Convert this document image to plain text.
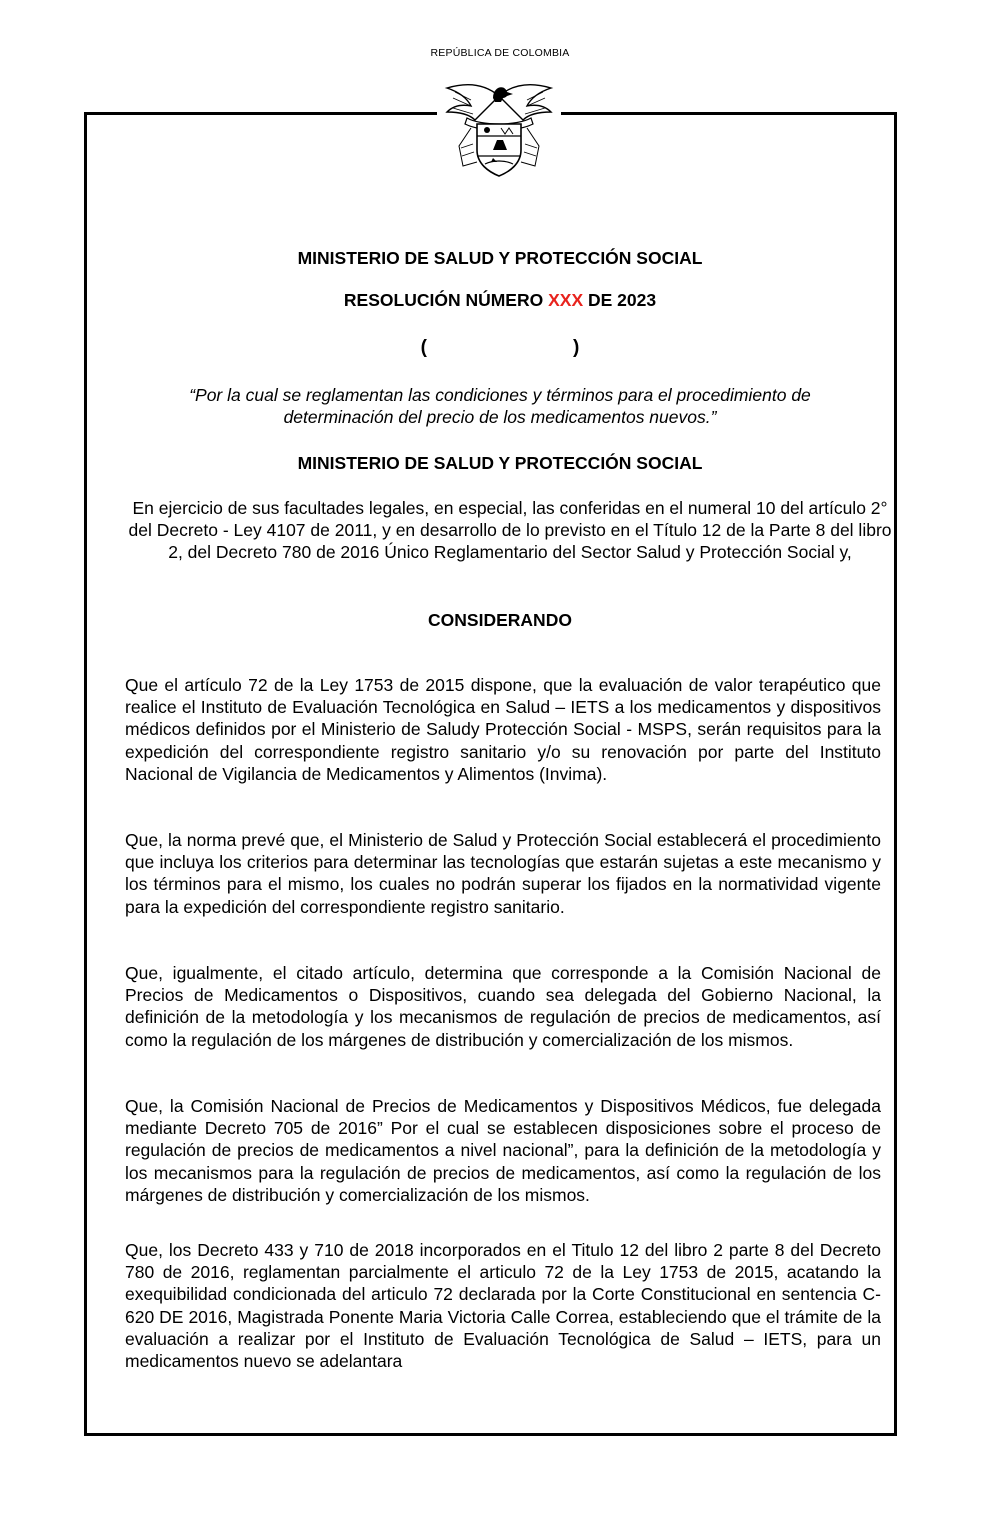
REPÚBLICA DE COLOMBIA
MINISTERIO DE SALUD Y PROTECCIÓN SOCIAL
RESOLUCIÓN NÚMERO XXX DE 2023
(	)
“Por la cual se reglamentan las condiciones y términos para el procedimiento de determinación del precio de los medicamentos nuevos.”
MINISTERIO DE SALUD Y PROTECCIÓN SOCIAL
En ejercicio de sus facultades legales, en especial, las conferidas en el numeral 10 del artículo 2° del Decreto - Ley 4107 de 2011, y en desarrollo de lo previsto en el Título 12 de la Parte 8 del libro 2, del Decreto 780 de 2016 Único Reglamentario del Sector Salud y Protección Social y,
CONSIDERANDO
Que el artículo 72 de la Ley 1753 de 2015 dispone, que la evaluación de valor terapéutico que realice el Instituto de Evaluación Tecnológica en Salud – IETS a los medicamentos y dispositivos médicos definidos por el Ministerio de Saludy Protección Social - MSPS, serán requisitos para la expedición del correspondiente registro sanitario y/o su renovación por parte del Instituto Nacional de Vigilancia de Medicamentos y Alimentos (Invima).
Que, la norma prevé que, el Ministerio de Salud y Protección Social establecerá el procedimiento que incluya los criterios para determinar las tecnologías que estarán sujetas a este mecanismo y los términos para el mismo, los cuales no podrán superar los fijados en la normatividad vigente para la expedición del correspondiente registro sanitario.
Que, igualmente, el citado artículo, determina que corresponde a la Comisión Nacional de Precios de Medicamentos o Dispositivos, cuando sea delegada del Gobierno Nacional, la definición de la metodología y los mecanismos de regulación de precios de medicamentos, así como la regulación de los márgenes de distribución y comercialización de los mismos.
Que, la Comisión Nacional de Precios de Medicamentos y Dispositivos Médicos, fue delegada mediante Decreto 705 de 2016” Por el cual se establecen disposiciones sobre el proceso de regulación de precios de medicamentos a nivel nacional”, para la definición de la metodología y los mecanismos para la regulación de precios de medicamentos, así como la regulación de los márgenes de distribución y comercialización de los mismos.
Que, los Decreto 433 y 710 de 2018 incorporados en el Titulo 12 del libro 2 parte 8 del Decreto 780 de 2016, reglamentan parcialmente el articulo 72 de la Ley 1753 de 2015, acatando la exequibilidad condicionada del articulo 72 declarada por la Corte Constitucional en sentencia C- 620 DE 2016, Magistrada Ponente Maria Victoria Calle Correa, estableciendo que el trámite de la evaluación a realizar por el Instituto de Evaluación Tecnológica de Salud – IETS, para un medicamentos nuevo se adelantara
